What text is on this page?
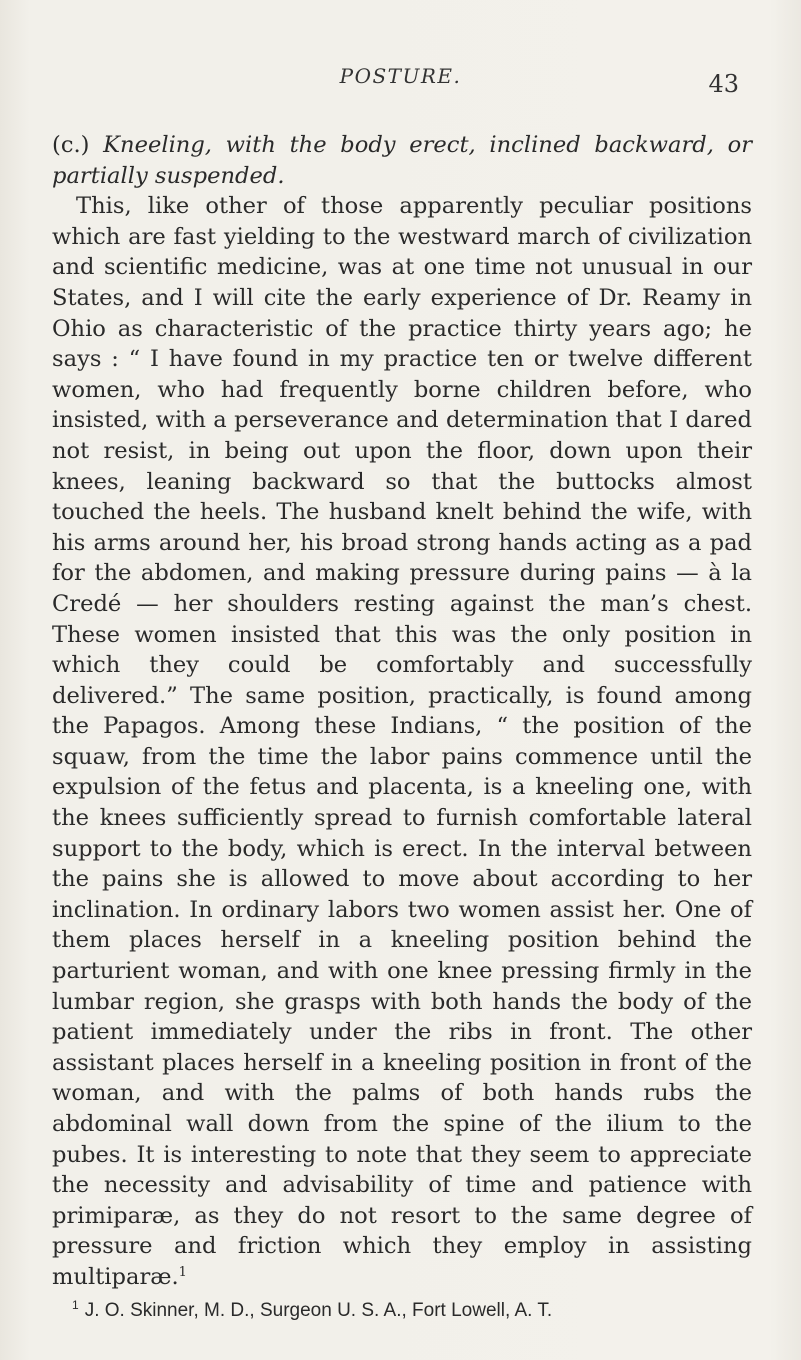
POSTURE.	43

(c.) Kneeling, with the body erect, inclined backward, or partially suspended.

This, like other of those apparently peculiar positions which are fast yielding to the westward march of civilization and scientific medicine, was at one time not unusual in our States, and I will cite the early experience of Dr. Reamy in Ohio as characteristic of the practice thirty years ago; he says : “ I have found in my practice ten or twelve different women, who had frequently borne children before, who insisted, with a perseverance and determination that I dared not resist, in being out upon the floor, down upon their knees, leaning backward so that the buttocks almost touched the heels. The husband knelt behind the wife, with his arms around her, his broad strong hands acting as a pad for the abdomen, and making pressure during pains — à la Credé — her shoulders resting against the man’s chest. These women insisted that this was the only position in which they could be comfortably and successfully delivered.” The same position, practically, is found among the Papagos. Among these Indians, “ the position of the squaw, from the time the labor pains commence until the expulsion of the fetus and placenta, is a kneeling one, with the knees sufficiently spread to furnish comfortable lateral support to the body, which is erect. In the interval between the pains she is allowed to move about according to her inclination. In ordinary labors two women assist her. One of them places herself in a kneeling position behind the parturient woman, and with one knee pressing firmly in the lumbar region, she grasps with both hands the body of the patient immediately under the ribs in front. The other assistant places herself in a kneeling position in front of the woman, and with the palms of both hands rubs the abdominal wall down from the spine of the ilium to the pubes. It is interesting to note that they seem to appreciate the necessity and advisability of time and patience with primiparæ, as they do not resort to the same degree of pressure and friction which they employ in assisting multiparæ.$^1$

$^1$ J. O. Skinner, M. D., Surgeon U. S. A., Fort Lowell, A. T.
